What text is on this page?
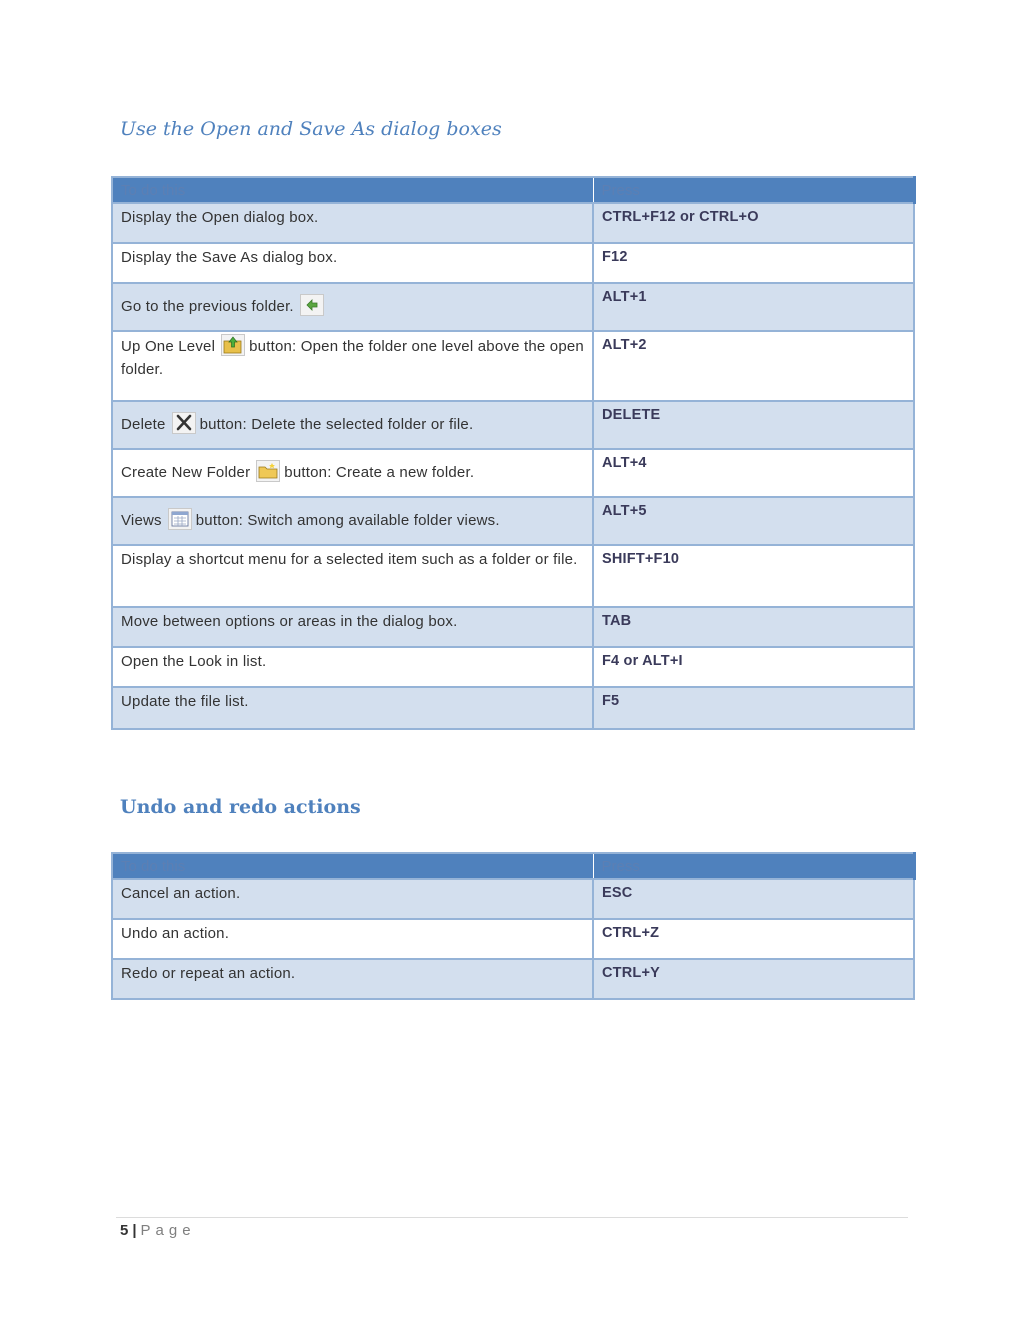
Use the Open and Save As dialog boxes
To do this	Press
Display the Open dialog box.	CTRL+F12 or CTRL+O
Display the Save As dialog box.	F12
Go to the previous folder.	ALT+1
Up One Level button: Open the folder one level above the open folder.	ALT+2
Delete button: Delete the selected folder or file.	DELETE
Create New Folder button: Create a new folder.	ALT+4
Views button: Switch among available folder views.	ALT+5
Display a shortcut menu for a selected item such as a folder or file.	SHIFT+F10
Move between options or areas in the dialog box.	TAB
Open the Look in list.	F4 or ALT+I
Update the file list.	F5
Undo and redo actions
To do this	Press
Cancel an action.	ESC
Undo an action.	CTRL+Z
Redo or repeat an action.	CTRL+Y
5 | Page
